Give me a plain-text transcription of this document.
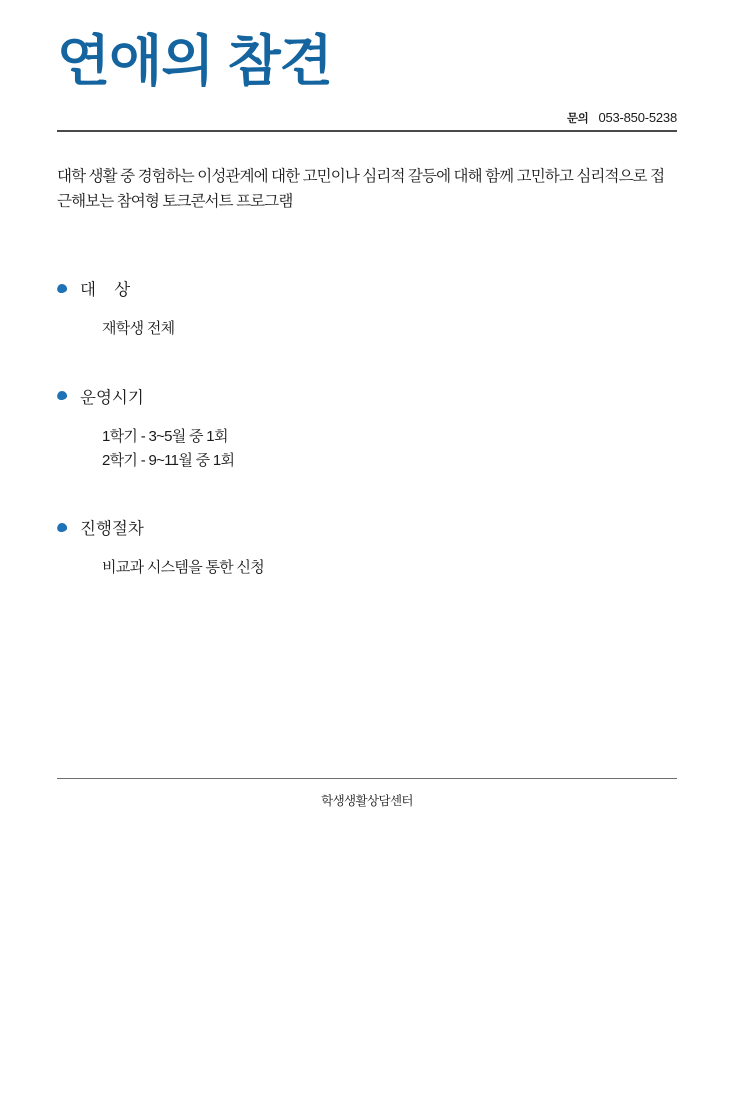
연애의 참견
문의 053-850-5238
대학 생활 중 경험하는 이성관계에 대한 고민이나 심리적 갈등에 대해 함께 고민하고 심리적으로 접근해보는 참여형 토크콘서트 프로그램
대    상
재학생 전체
운영시기
1학기 - 3~5월 중 1회
2학기 - 9~11월 중 1회
진행절차
비교과 시스템을 통한 신청
학생생활상담센터
